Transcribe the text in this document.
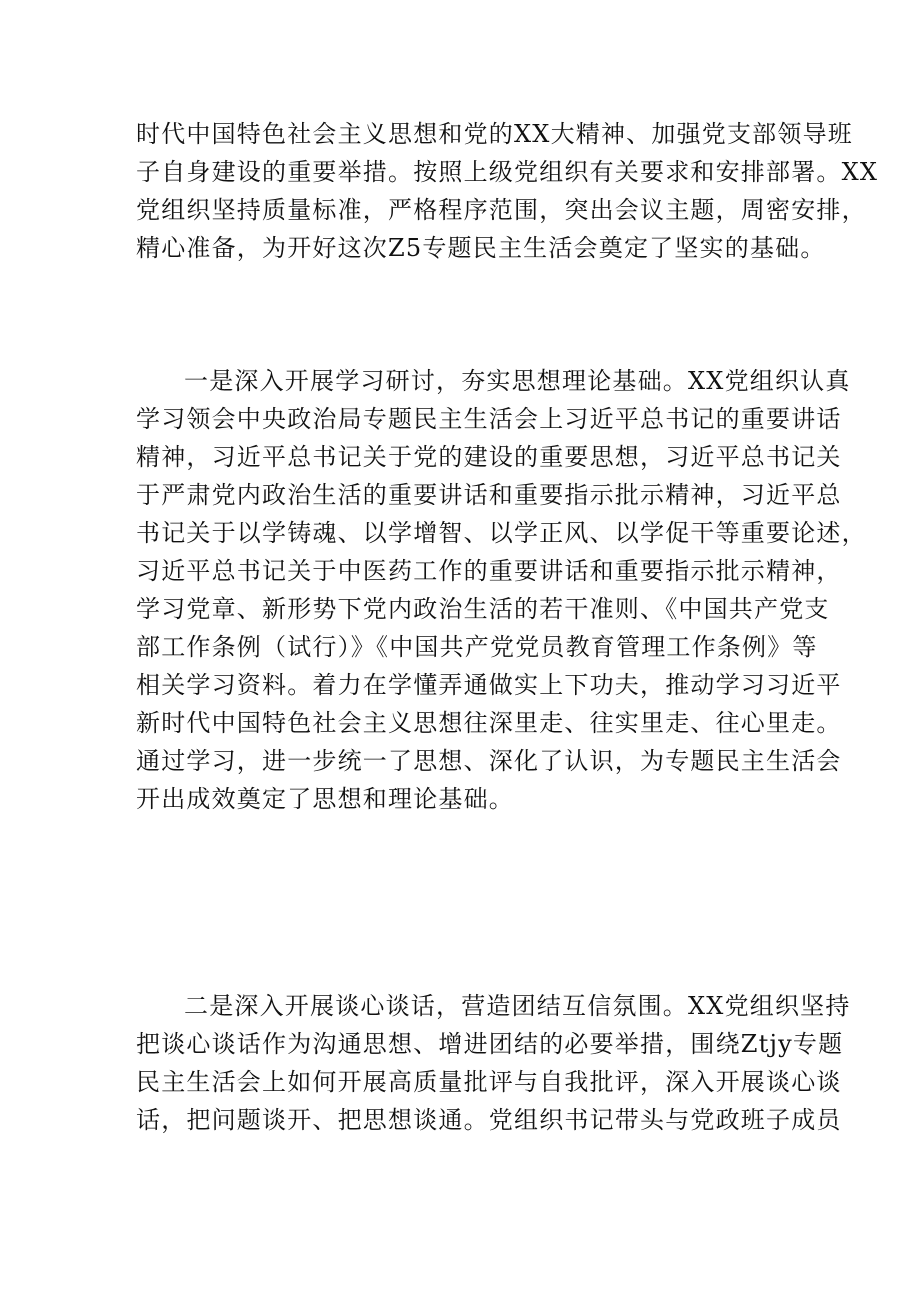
时代中国特色社会主义思想和党的XX大精神、加强党支部领导班
子自身建设的重要举措。按照上级党组织有关要求和安排部署。XX
党组织坚持质量标准，严格程序范围，突出会议主题，周密安排，
精心准备，为开好这次Z5专题民主生活会奠定了坚实的基础。

一是深入开展学习研讨，夯实思想理论基础。XX党组织认真
学习领会中央政治局专题民主生活会上习近平总书记的重要讲话
精神，习近平总书记关于党的建设的重要思想，习近平总书记关
于严肃党内政治生活的重要讲话和重要指示批示精神，习近平总
书记关于以学铸魂、以学增智、以学正风、以学促干等重要论述，
习近平总书记关于中医药工作的重要讲话和重要指示批示精神，
学习党章、新形势下党内政治生活的若干准则、《中国共产党支
部工作条例（试行）》《中国共产党党员教育管理工作条例》等
相关学习资料。着力在学懂弄通做实上下功夫，推动学习习近平
新时代中国特色社会主义思想往深里走、往实里走、往心里走。
通过学习，进一步统一了思想、深化了认识，为专题民主生活会
开出成效奠定了思想和理论基础。

二是深入开展谈心谈话，营造团结互信氛围。XX党组织坚持
把谈心谈话作为沟通思想、增进团结的必要举措，围绕Ztjy专题
民主生活会上如何开展高质量批评与自我批评，深入开展谈心谈
话，把问题谈开、把思想谈通。党组织书记带头与党政班子成员
